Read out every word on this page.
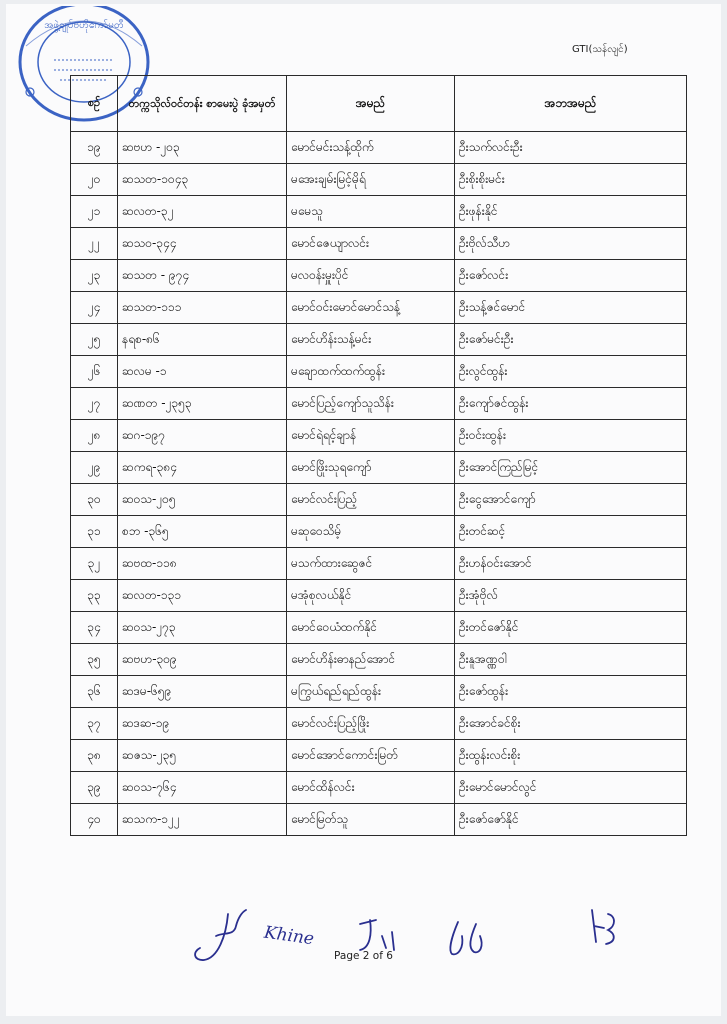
အဖွဲ့ချုပ်ဗဟိုကော်မတီ
GTI(သန်လျင်)
စဥ်	တက္ကသိုလ်ဝင်တန်း စာမေးပွဲ ခုံအမှတ်	အမည်	အဘအမည်
၁၉	ဆဗဟ -၂၀၃	မောင်မင်းသန့်ထိုက်	ဦးသက်လင်းဦး
၂၀	ဆသတ-၁၀၄၃	မအေးချမ်းမြင့်မိုရ်	ဦးစိုးစိုးမင်း
၂၁	ဆလတ-၃၂	မမေသူ	ဦးဖုန်းနိုင်
၂၂	ဆသဝ-၃၄၄	မောင်ဇေယျာလင်း	ဦးဗိုလ်သီဟ
၂၃	ဆသတ - ၉၇၄	မလဝန်းမှူးပိုင်	ဦးဇော်လင်း
၂၄	ဆသတ-၁၁၁	မောင်ဝင်းမောင်မောင်သန့်	ဦးသန့်ဇင်မောင်
၂၅	နရစ-၈၆	မောင်ဟိန်းသန့်မင်း	ဦးဇော်မင်းဦး
၂၆	ဆလမ -၁	မချောထက်ထက်ထွန်း	ဦးလွင်ထွန်း
၂၇	ဆဏတ -၂၃၅၃	မောင်ပြည့်ကျော်သူသိန်း	ဦးကျော်ဇင်ထွန်း
၂၈	ဆဂ-၁၉၇	မောင်ရဲရင့်ချာန်	ဦးဝင်းထွန်း
၂၉	ဆကရ-၃၈၄	မောင်ဖြိုးသုရကျော်	ဦးအောင်ကြည်မြင့်
၃၀	ဆဝသ-၂၀၅	မောင်လင်းပြည့်	ဦးငွေအောင်ကျော်
၃၁	စဘ -၃၆၅	မဆုဝေသိမ့်	ဦးတင်ဆင့်
၃၂	ဆဗထ-၁၁၈	မသက်ထားဆွေဇင်	ဦးဟန်ဝင်းအောင်
၃၃	ဆလတ-၁၃၁	မအုံစုလယ်နိုင်	ဦးအုံဗိုလ်
၃၄	ဆဝသ-၂၇၃	မောင်ဝေယံထက်နိုင်	ဦးတင်ဇော်နိုင်
၃၅	ဆဗဟ-၃၀၉	မောင်ဟိန်းဓာနည်အောင်	ဦးနူအဏ္ဏဝါ
၃၆	ဆဒမ-၆၅၉	မကြွယ်ရည်ရည်ထွန်း	ဦးဇော်ထွန်း
၃၇	ဆဒဆ-၁၉	မောင်လင်းပြည့်ဖြိုး	ဦးအောင်ခင်စိုး
၃၈	ဆဇသ-၂၃၅	မောင်အောင်ကောင်းမြတ်	ဦးထွန်းလင်းစိုး
၃၉	ဆဝသ-၇၆၄	မောင်ထိန်လင်း	ဦးမောင်မောင်လွင်
၄၀	ဆသက-၁၂၂	မောင်မြတ်သူ	ဦးဇော်ဇော်နိုင်
Khine
Page 2 of 6
